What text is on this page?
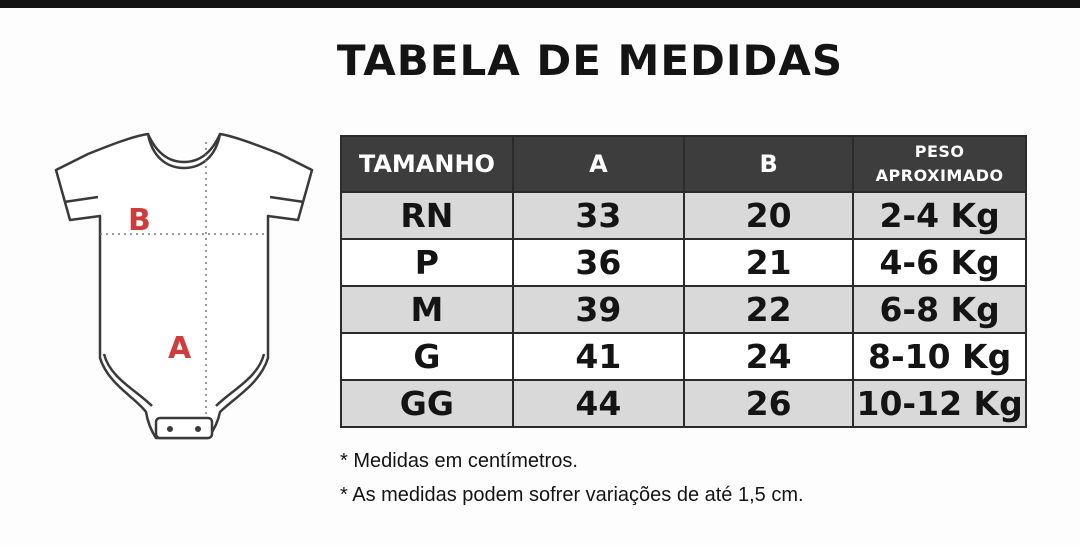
TABELA DE MEDIDAS
B
A
TAMANHO	A	B	PESO
APROXIMADO

RN	33	20	2-4 Kg
P	36	21	4-6 Kg
M	39	22	6-8 Kg
G	41	24	8-10 Kg
GG	44	26	10-12 Kg
* Medidas em centímetros.
* As medidas podem sofrer variações de até 1,5 cm.
